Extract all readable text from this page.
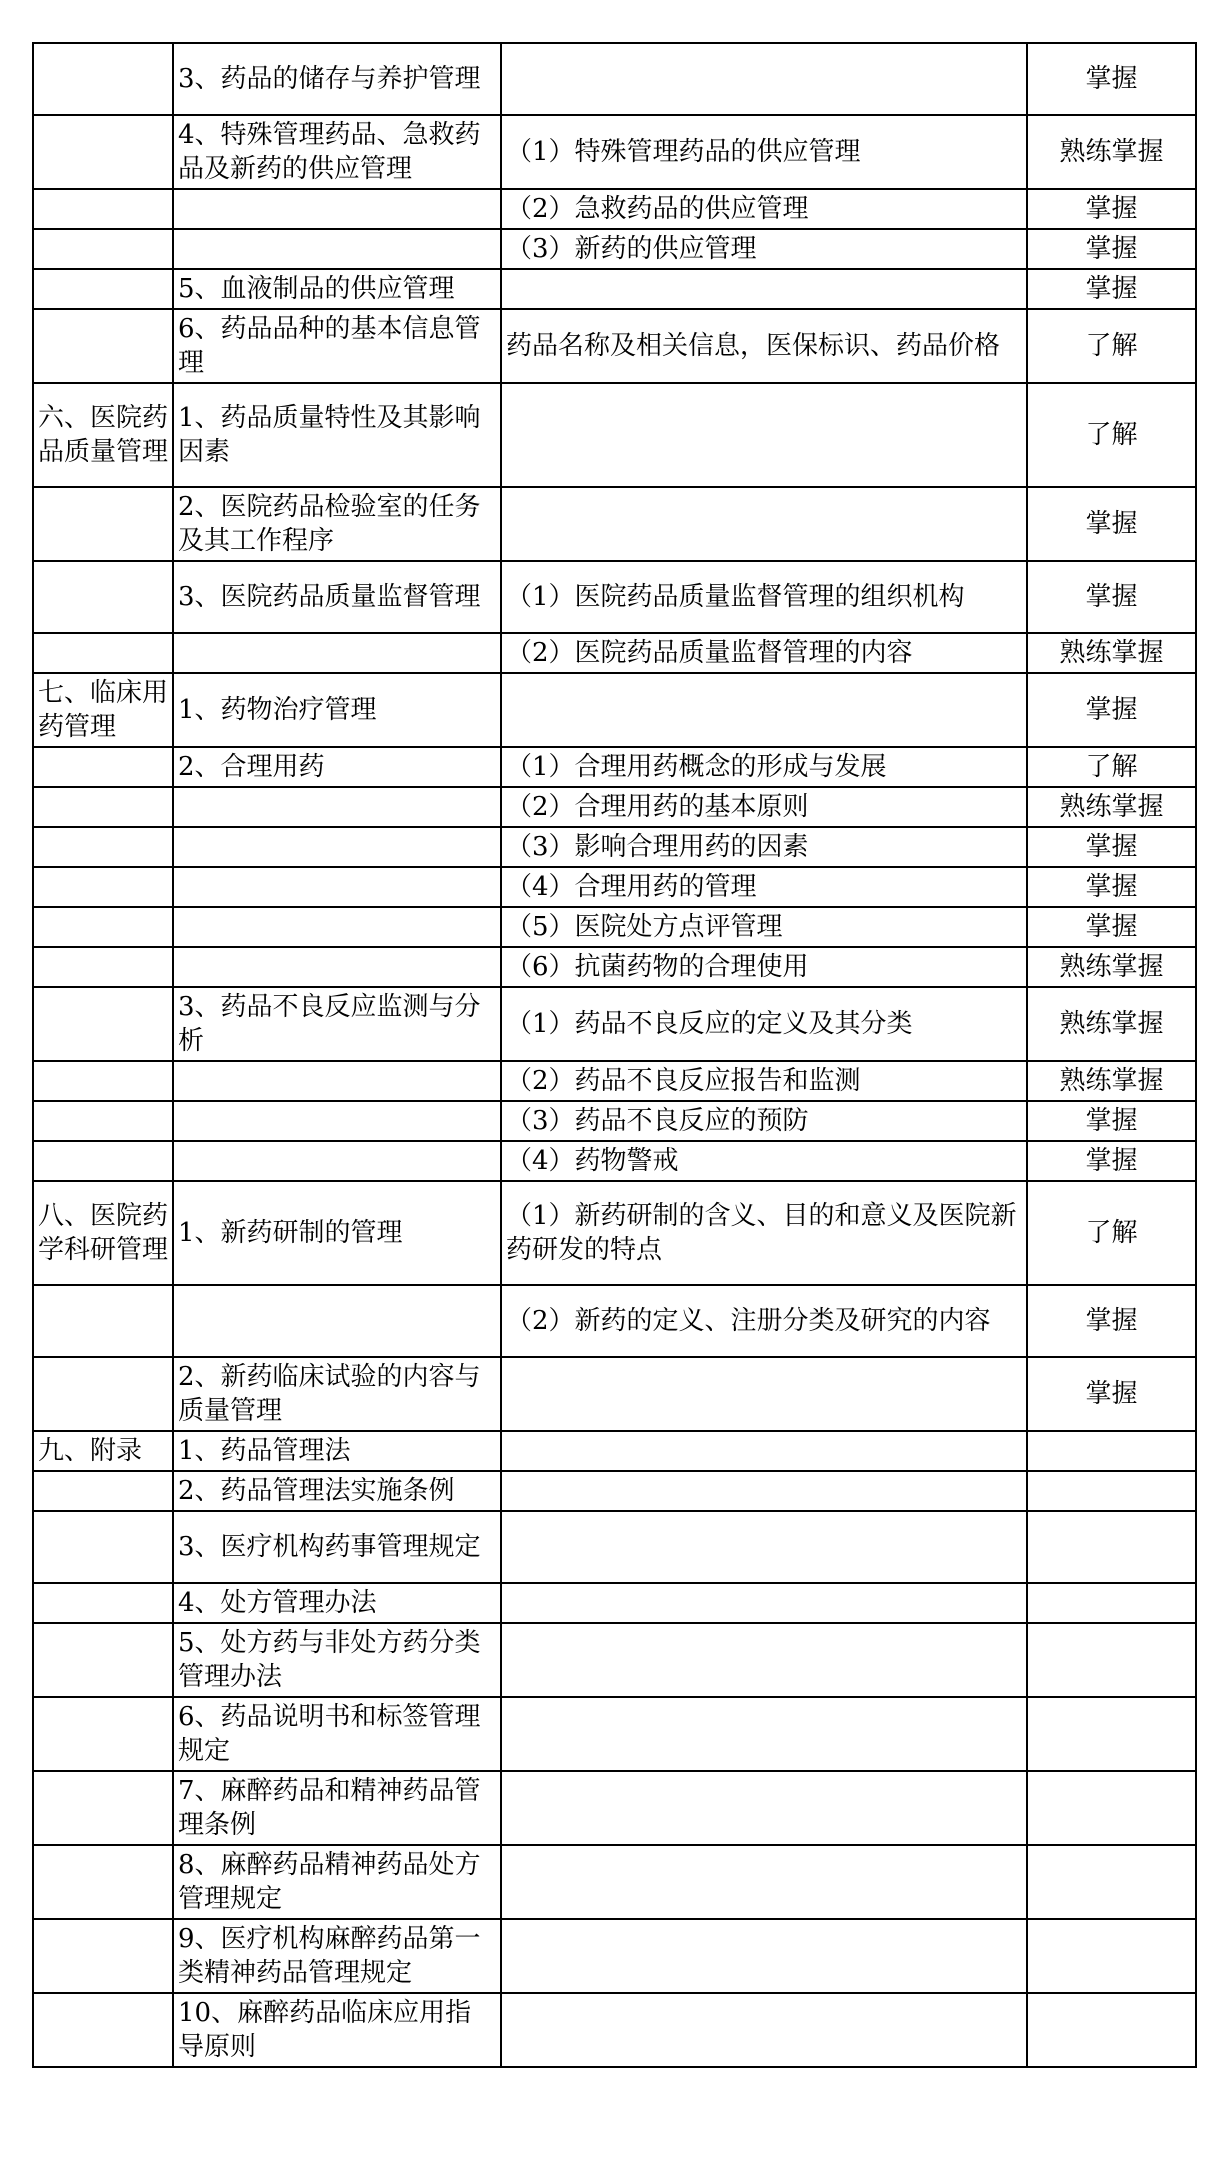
	3、药品的储存与养护管理		掌握
	4、特殊管理药品、急救药品及新药的供应管理	（1）特殊管理药品的供应管理	熟练掌握
		（2）急救药品的供应管理	掌握
		（3）新药的供应管理	掌握
	5、血液制品的供应管理		掌握
	6、药品品种的基本信息管理	药品名称及相关信息，医保标识、药品价格	了解
六、医院药品质量管理	1、药品质量特性及其影响因素		了解
	2、医院药品检验室的任务及其工作程序		掌握
	3、医院药品质量监督管理	（1）医院药品质量监督管理的组织机构	掌握
		（2）医院药品质量监督管理的内容	熟练掌握
七、临床用药管理	1、药物治疗管理		掌握
	2、合理用药	（1）合理用药概念的形成与发展	了解
		（2）合理用药的基本原则	熟练掌握
		（3）影响合理用药的因素	掌握
		（4）合理用药的管理	掌握
		（5）医院处方点评管理	掌握
		（6）抗菌药物的合理使用	熟练掌握
	3、药品不良反应监测与分析	（1）药品不良反应的定义及其分类	熟练掌握
		（2）药品不良反应报告和监测	熟练掌握
		（3）药品不良反应的预防	掌握
		（4）药物警戒	掌握
八、医院药学科研管理	1、新药研制的管理	（1）新药研制的含义、目的和意义及医院新药研发的特点	了解
		（2）新药的定义、注册分类及研究的内容	掌握
	2、新药临床试验的内容与质量管理		掌握
九、附录	1、药品管理法		
	2、药品管理法实施条例		
	3、医疗机构药事管理规定		
	4、处方管理办法		
	5、处方药与非处方药分类管理办法		
	6、药品说明书和标签管理规定		
	7、麻醉药品和精神药品管理条例		
	8、麻醉药品精神药品处方管理规定		
	9、医疗机构麻醉药品第一类精神药品管理规定		
	10、麻醉药品临床应用指导原则		
